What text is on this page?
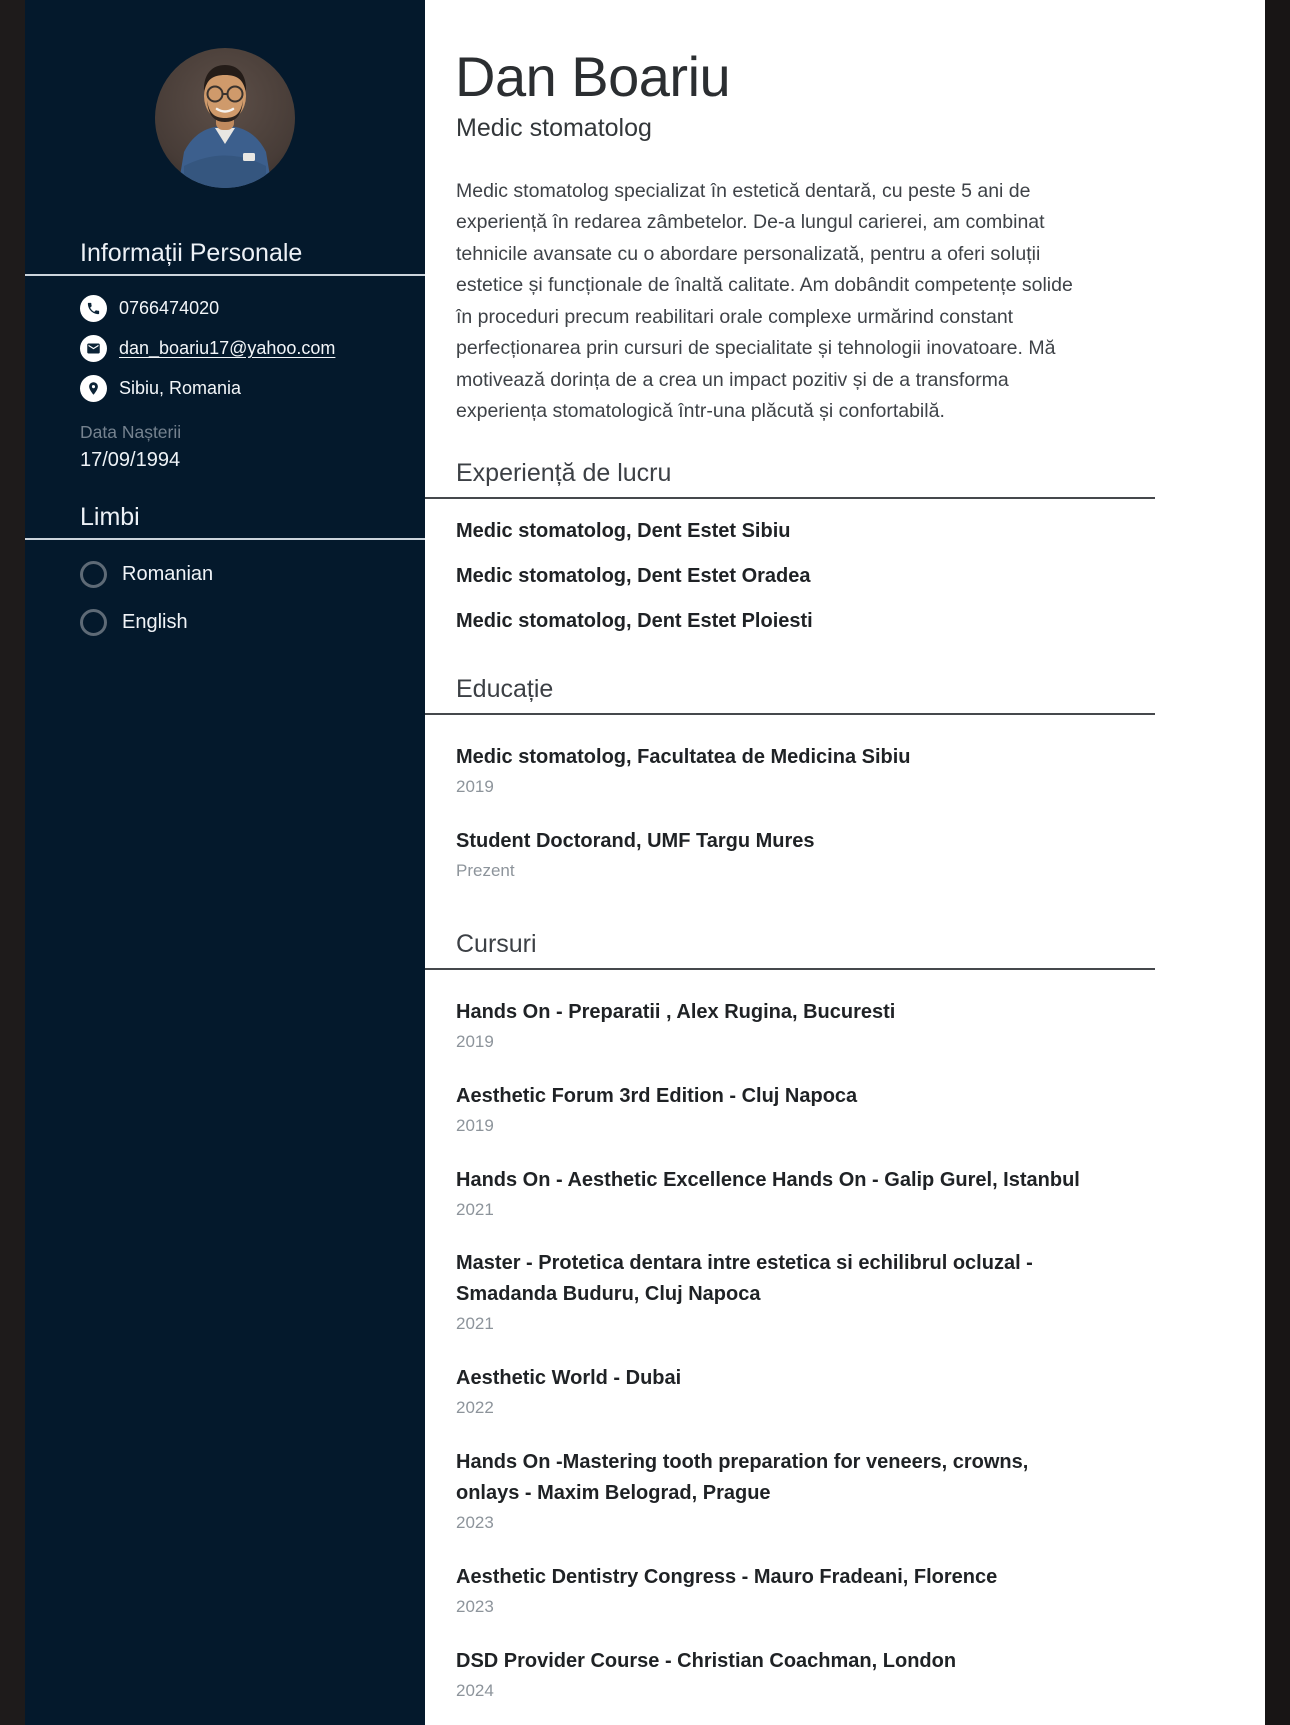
Informații Personale
0766474020
dan_boariu17@yahoo.com
Sibiu, Romania
Data Nașterii
17/09/1994
Limbi
Romanian
English
Dan Boariu
Medic stomatolog

Medic stomatolog specializat în estetică dentară, cu peste 5 ani de experiență în redarea zâmbetelor. De-a lungul carierei, am combinat tehnicile avansate cu o abordare personalizată, pentru a oferi soluții estetice și funcționale de înaltă calitate. Am dobândit competențe solide în proceduri precum reabilitari orale complexe urmărind constant perfecționarea prin cursuri de specialitate și tehnologii inovatoare. Mă motivează dorința de a crea un impact pozitiv și de a transforma experiența stomatologică într-una plăcută și confortabilă.

Experiență de lucru
Medic stomatolog, Dent Estet Sibiu
Medic stomatolog, Dent Estet Oradea
Medic stomatolog, Dent Estet Ploiesti
Educație
Medic stomatolog, Facultatea de Medicina Sibiu
2019
Student Doctorand, UMF Targu Mures
Prezent
Cursuri
Hands On - Preparatii , Alex Rugina, Bucuresti
2019
Aesthetic Forum 3rd Edition - Cluj Napoca
2019
Hands On - Aesthetic Excellence Hands On - Galip Gurel, Istanbul
2021
Master - Protetica dentara intre estetica si echilibrul ocluzal - Smadanda Buduru, Cluj Napoca
2021
Aesthetic World - Dubai
2022
Hands On -Mastering tooth preparation for veneers, crowns, onlays - Maxim Belograd, Prague
2023
Aesthetic Dentistry Congress - Mauro Fradeani, Florence
2023
DSD Provider Course - Christian Coachman, London
2024
